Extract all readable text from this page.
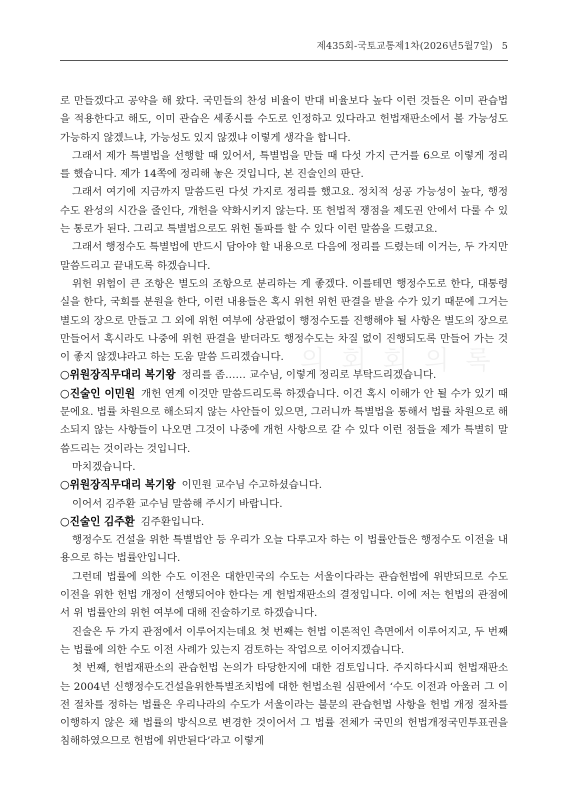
제435회-국토교통제1차(2026년5월7일) 5
의 회 회 의 록

로 만들겠다고 공약을 해 왔다. 국민들의 찬성 비율이 반대 비율보다 높다 이런 것들은 이미 관습법을 적용한다고 해도, 이미 관습은 세종시를 수도로 인정하고 있다라고 헌법재판소에서 볼 가능성도 가능하지 않겠느냐, 가능성도 있지 않겠냐 이렇게 생각을 합니다.

그래서 제가 특별법을 선행할 때 있어서, 특별법을 만들 때 다섯 가지 근거를 6으로 이렇게 정리를 했습니다. 제가 14쪽에 정리해 놓은 것입니다, 본 진술인의 판단.

그래서 여기에 지금까지 말씀드린 다섯 가지로 정리를 했고요. 정치적 성공 가능성이 높다, 행정수도 완성의 시간을 줄인다, 개헌을 약화시키지 않는다. 또 헌법적 쟁점을 제도권 안에서 다룰 수 있는 통로가 된다. 그리고 특별법으로도 위헌 돌파를 할 수 있다 이런 말씀을 드렸고요.

그래서 행정수도 특별법에 반드시 담아야 할 내용으로 다음에 정리를 드렸는데 이거는, 두 가지만 말씀드리고 끝내도록 하겠습니다.

위헌 위험이 큰 조항은 별도의 조항으로 분리하는 게 좋겠다. 이를테면 행정수도로 한다, 대통령실을 한다, 국회를 분원을 한다, 이런 내용들은 혹시 위헌 위헌 판결을 받을 수가 있기 때문에 그거는 별도의 장으로 만들고 그 외에 위헌 여부에 상관없이 행정수도를 진행해야 될 사항은 별도의 장으로 만들어서 혹시라도 나중에 위헌 판결을 받더라도 행정수도는 차질 없이 진행되도록 만들어 가는 것이 좋지 않겠냐라고 하는 도움 말씀 드리겠습니다.

○위원장직무대리 복기왕 정리를 좀…… 교수님, 이렇게 정리로 부탁드리겠습니다.

○진술인 이민원 개헌 연계 이것만 말씀드리도록 하겠습니다. 이건 혹시 이해가 안 될 수가 있기 때문에요. 법률 차원으로 해소되지 않는 사안들이 있으면, 그러니까 특별법을 통해서 법률 차원으로 해소되지 않는 사항들이 나오면 그것이 나중에 개헌 사항으로 갈 수 있다 이런 점들을 제가 특별히 말씀드리는 것이라는 것입니다.

마치겠습니다.

○위원장직무대리 복기왕 이민원 교수님 수고하셨습니다.

이어서 김주환 교수님 말씀해 주시기 바랍니다.

○진술인 김주환 김주환입니다.

행정수도 건설을 위한 특별법안 등 우리가 오늘 다루고자 하는 이 법률안들은 행정수도 이전을 내용으로 하는 법률안입니다.

그런데 법률에 의한 수도 이전은 대한민국의 수도는 서울이다라는 관습헌법에 위반되므로 수도 이전을 위한 헌법 개정이 선행되어야 한다는 게 헌법재판소의 결정입니다. 이에 저는 헌법의 관점에서 위 법률안의 위헌 여부에 대해 진술하기로 하겠습니다.

진술은 두 가지 관점에서 이루어지는데요 첫 번째는 헌법 이론적인 측면에서 이루어지고, 두 번째는 법률에 의한 수도 이전 사례가 있는지 검토하는 작업으로 이어지겠습니다.

첫 번째, 헌법재판소의 관습헌법 논의가 타당한지에 대한 검토입니다. 주지하다시피 헌법재판소는 2004년 신행정수도건설을위한특별조치법에 대한 헌법소원 심판에서 ‘수도 이전과 아울러 그 이전 절차를 정하는 법률은 우리나라의 수도가 서울이라는 불문의 관습헌법 사항을 헌법 개정 절차를 이행하지 않은 채 법률의 방식으로 변경한 것이어서 그 법률 전체가 국민의 헌법개정국민투표권을 침해하였으므로 헌법에 위반된다’라고 이렇게
